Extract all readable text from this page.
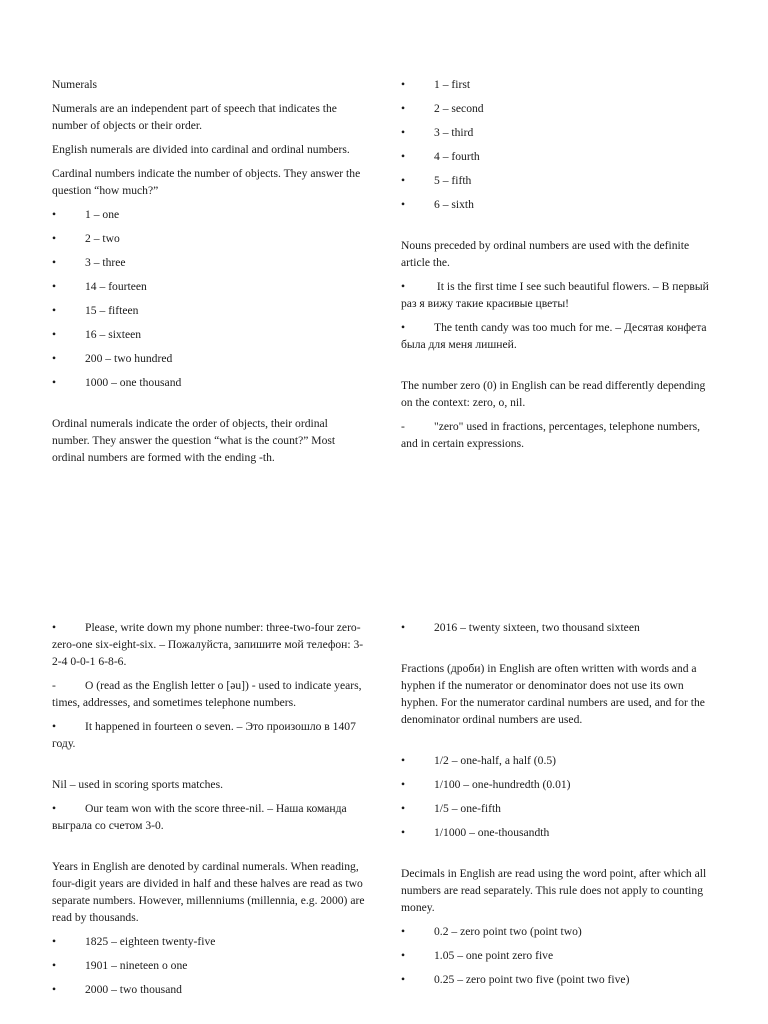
Numerals

Numerals are an independent part of speech that indicates the number of objects or their order.

English numerals are divided into cardinal and ordinal numbers.

Cardinal numbers indicate the number of objects. They answer the question “how much?”

• 1 – one
• 2 – two
• 3 – three
• 14 – fourteen
• 15 – fifteen
• 16 – sixteen
• 200 – two hundred
• 1000 – one thousand

Ordinal numerals indicate the order of objects, their ordinal number. They answer the question “what is the count?” Most ordinal numbers are formed with the ending -th.

• 1 – first
• 2 – second
• 3 – third
• 4 – fourth
• 5 – fifth
• 6 – sixth

Nouns preceded by ordinal numbers are used with the definite article the.

• It is the first time I see such beautiful flowers. – В первый раз я вижу такие красивые цветы!
• The tenth candy was too much for me. – Десятая конфета была для меня лишней.

The number zero (0) in English can be read differently depending on the context: zero, o, nil.

-	"zero" used in fractions, percentages, telephone numbers, and in certain expressions.
• Please, write down my phone number: three-two-four zero-zero-one six-eight-six. – Пожалуйста, запишите мой телефон: 3-2-4 0-0-1 6-8-6.
-	O (read as the English letter o [əu]) - used to indicate years, times, addresses, and sometimes telephone numbers.
• It happened in fourteen o seven. – Это произошло в 1407 году.

Nil – used in scoring sports matches.

• Our team won with the score three-nil. – Наша команда выграла со счетом 3-0.

Years in English are denoted by cardinal numerals. When reading, four-digit years are divided in half and these halves are read as two separate numbers. However, millenniums (millennia, e.g. 2000) are read by thousands.

• 1825 – eighteen twenty-five
• 1901 – nineteen o one
• 2000 – two thousand
• 2016 – twenty sixteen, two thousand sixteen

Fractions (дроби) in English are often written with words and a hyphen if the numerator or denominator does not use its own hyphen. For the numerator cardinal numbers are used, and for the denominator ordinal numbers are used.

• 1/2 – one-half, a half (0.5)
• 1/100 – one-hundredth (0.01)
• 1/5 – one-fifth
• 1/1000 – one-thousandth

Decimals in English are read using the word point, after which all numbers are read separately. This rule does not apply to counting money.

• 0.2 – zero point two (point two)
• 1.05 – one point zero five
• 0.25 – zero point two five (point two five)
